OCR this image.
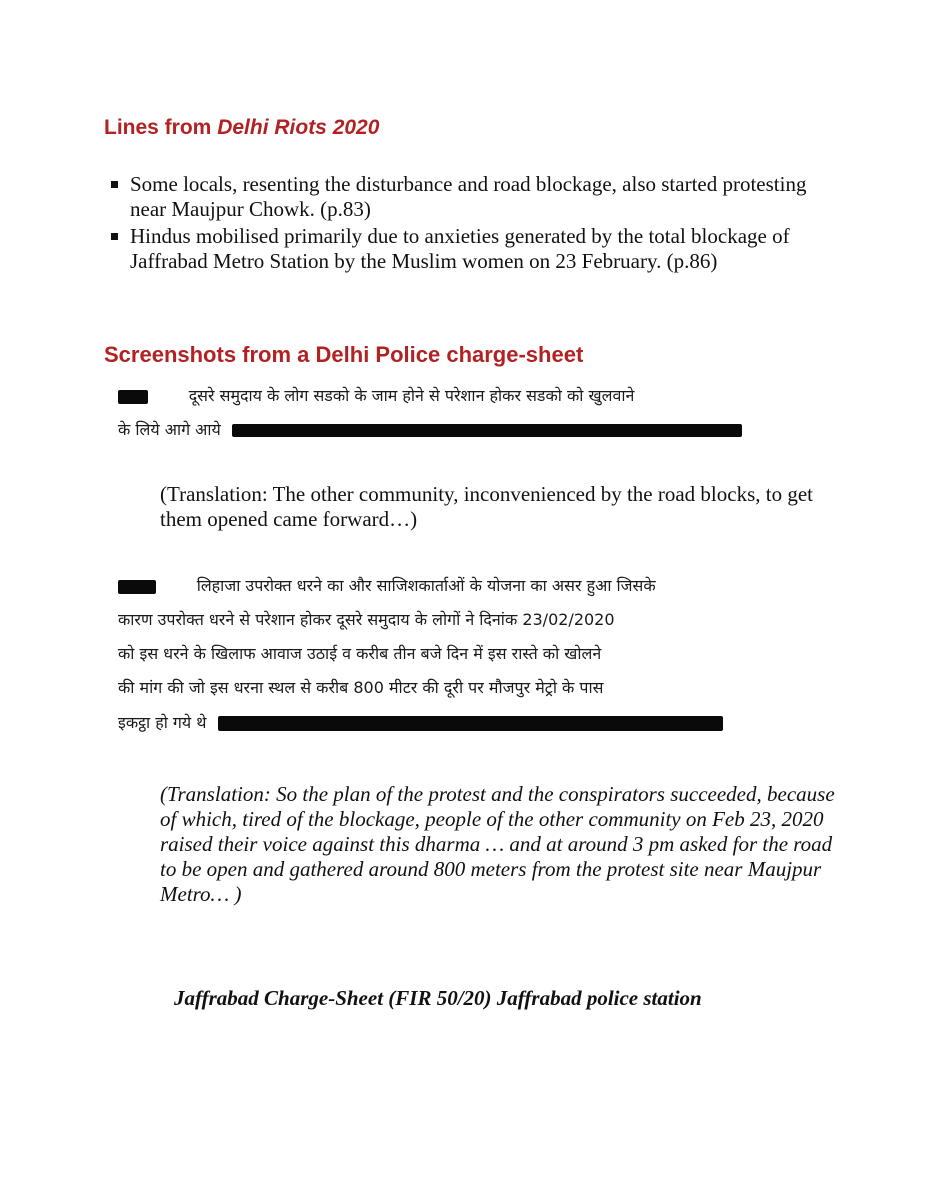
Lines from Delhi Riots 2020
Some locals, resenting the disturbance and road blockage, also started protesting near Maujpur Chowk. (p.83)
Hindus mobilised primarily due to anxieties generated by the total blockage of Jaffrabad Metro Station by the Muslim women on 23 February. (p.86)
Screenshots from a Delhi Police charge-sheet
दूसरे समुदाय के लोग सडको के जाम होने से परेशान होकर सडको को खुलवाने
के लिये आगे आये
(Translation: The other community, inconvenienced by the road blocks, to get them opened came forward…)
लिहाजा उपरोक्त धरने का और साजिशकार्ताओं के योजना का असर हुआ जिसके
कारण उपरोक्त धरने से परेशान होकर दूसरे समुदाय के लोगों ने दिनांक 23/02/2020
को इस धरने के खिलाफ आवाज उठाई व करीब तीन बजे दिन में इस रास्ते को खोलने
की मांग की जो इस धरना स्थल से करीब 800 मीटर की दूरी पर मौजपुर मेट्रो के पास
इकट्ठा हो गये थे
(Translation: So the plan of the protest and the conspirators succeeded, because of which, tired of the blockage, people of the other community on Feb 23, 2020 raised their voice against this dharma … and at around 3 pm asked for the road to be open and gathered around 800 meters from the protest site near Maujpur Metro… )
Jaffrabad Charge-Sheet (FIR 50/20) Jaffrabad police station
